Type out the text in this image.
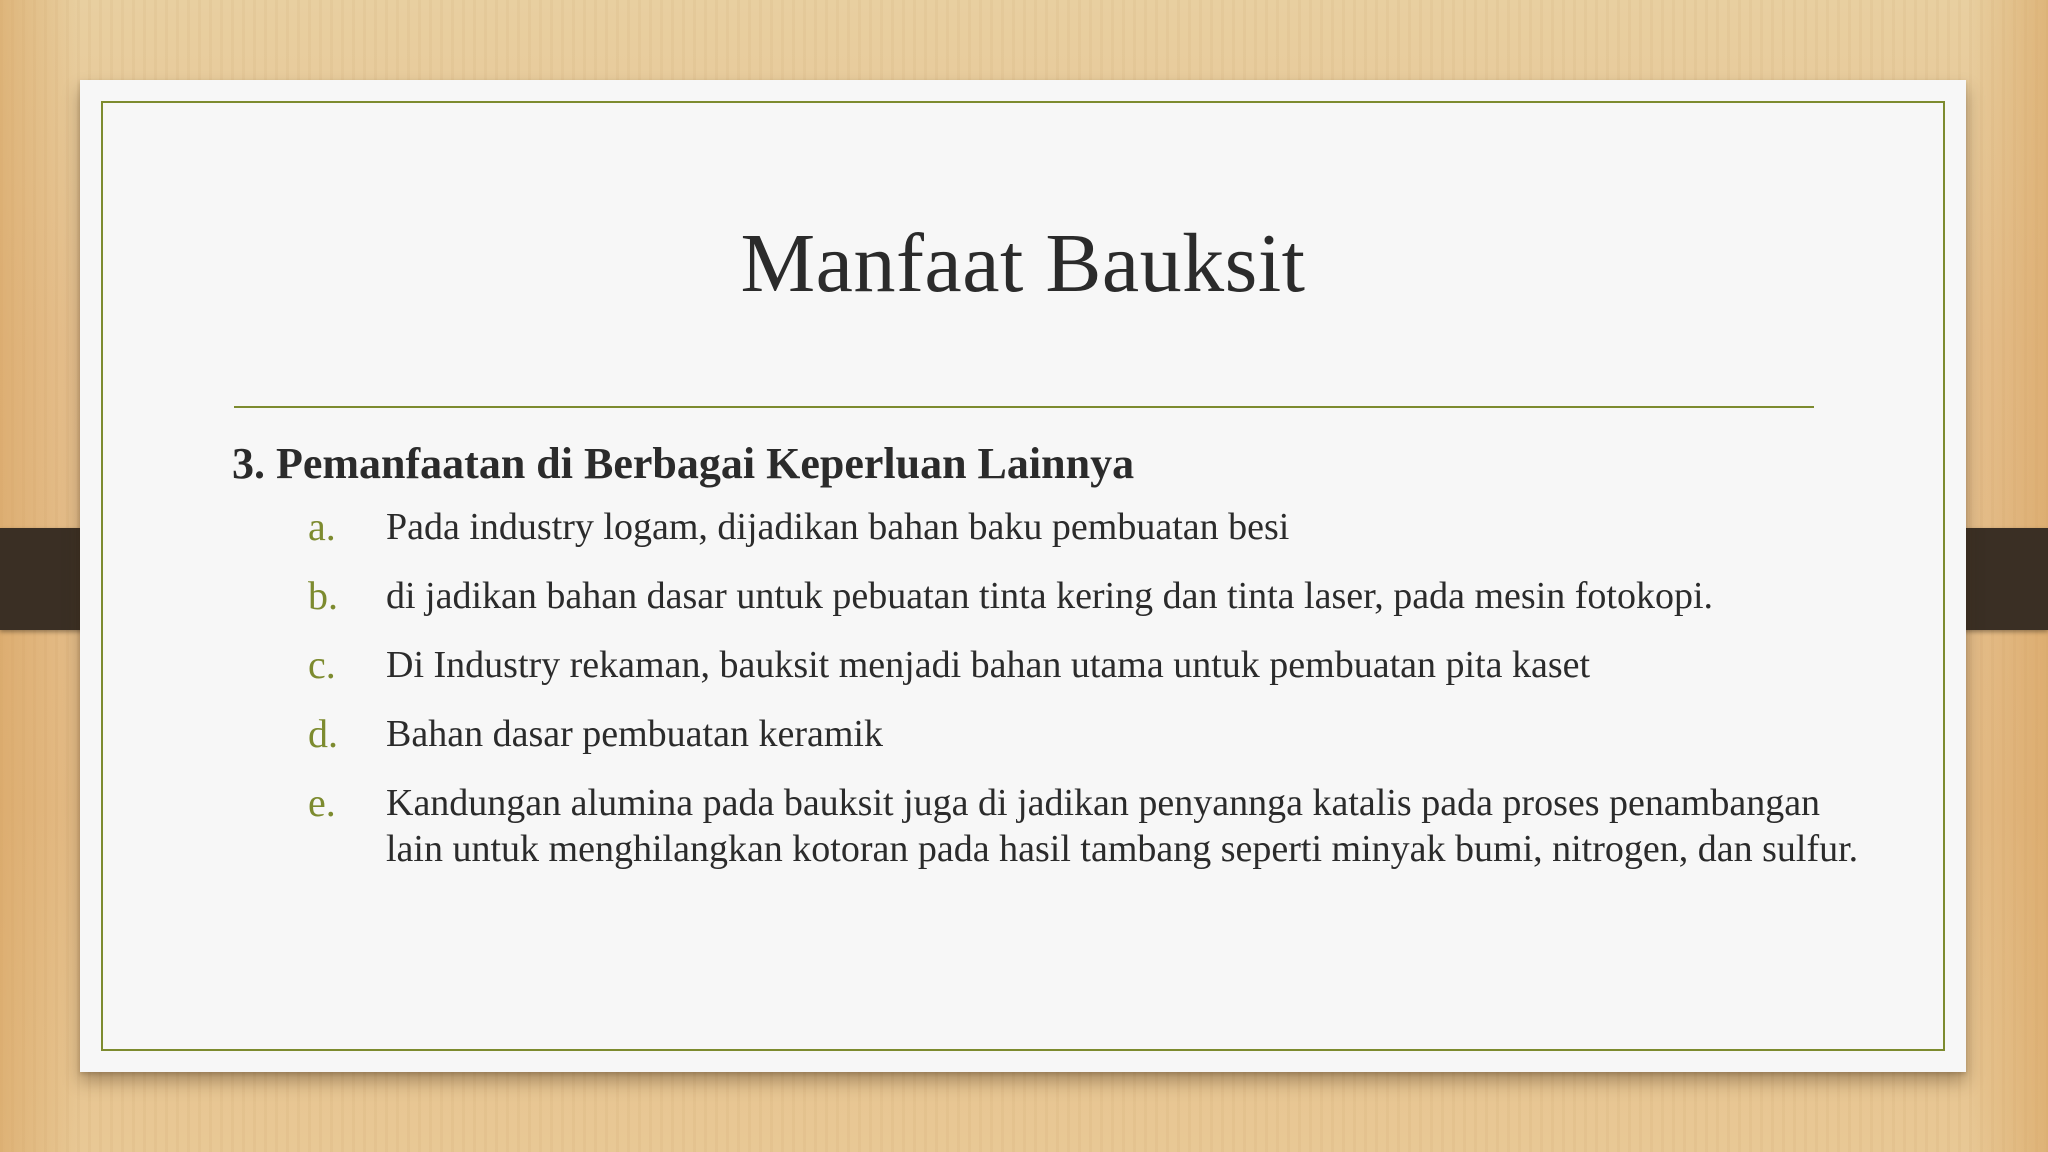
Manfaat Bauksit
3. Pemanfaatan di Berbagai Keperluan Lainnya
a.	Pada industry logam, dijadikan bahan baku pembuatan besi
b.	di jadikan bahan dasar untuk pebuatan tinta kering dan tinta laser, pada mesin fotokopi.
c.	Di Industry rekaman, bauksit menjadi bahan utama untuk pembuatan pita kaset
d.	Bahan dasar pembuatan keramik
e.	Kandungan alumina pada bauksit juga di jadikan penyannga katalis pada proses penambangan lain untuk menghilangkan kotoran pada hasil tambang seperti minyak bumi, nitrogen, dan sulfur.
